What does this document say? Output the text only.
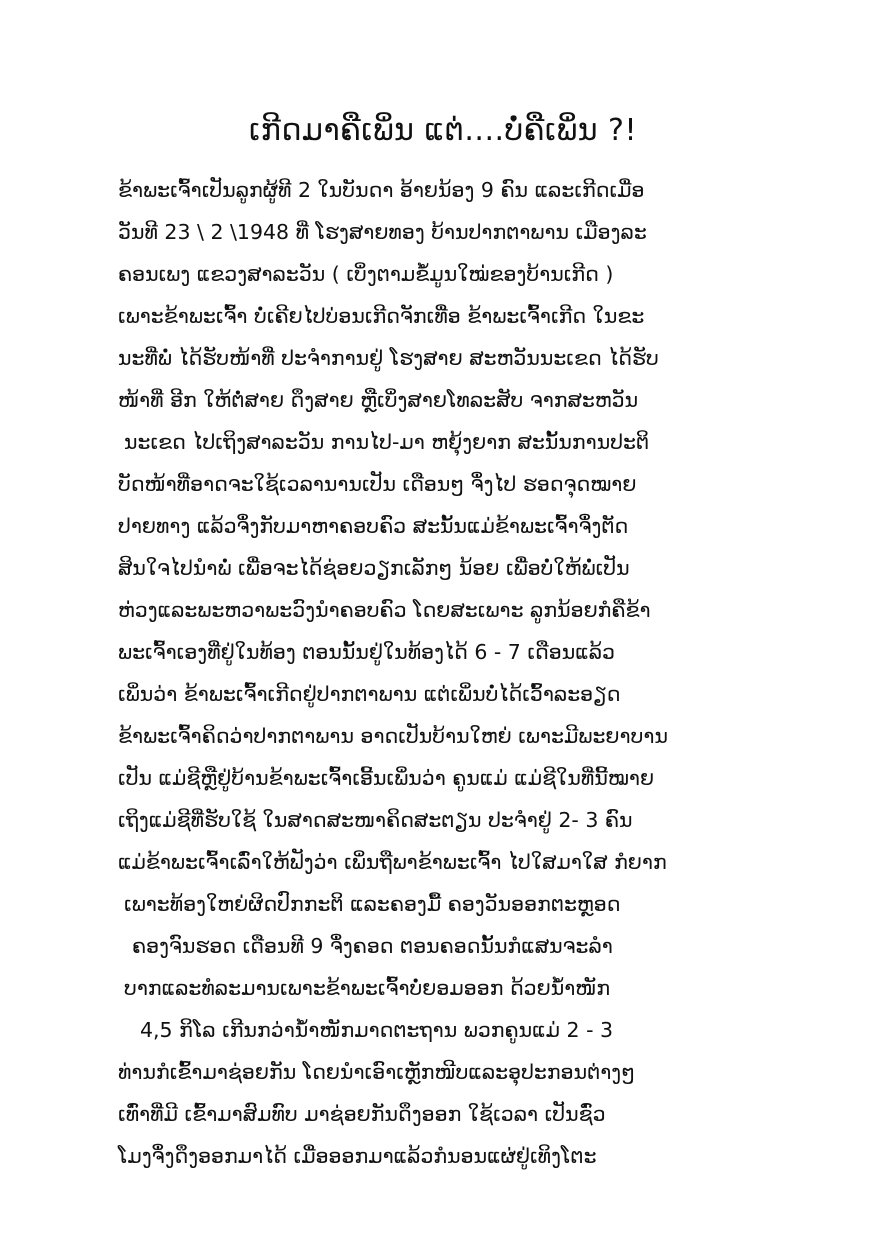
ເກີດມາຄືເພິ່ນ ແຕ່....ບໍ່ຄືເພິ່ນ ?!
ຂ້າພະເຈົ້າເປັນລູກຜູ້ທີ 2 ໃນບັນດາ ອ້າຍນ້ອງ 9 ຄົນ ແລະເກີດເມື່ອ
ວັນທີ 23 \ 2 \1948 ທີ່ ໂຮງສາຍທອງ ບ້ານປາກຕາພານ ເມືອງລະ
ຄອນເພງ ແຂວງສາລະວັນ ( ເບິ່ງຕາມຂໍ້ມູນໃໝ່ຂອງບ້ານເກີດ )
ເພາະຂ້າພະເຈົ້າ ບໍ່ເຄີຍໄປບ່ອນເກີດຈັກເທື່ອ ຂ້າພະເຈົ້າເກີດ ໃນຂະ
ນະທີ່ພໍ່ ໄດ້ຮັບໜ້າທີ່ ປະຈຳການຢູ່ ໂຮງສາຍ ສະຫວັນນະເຂດ ໄດ້ຮັບ
ໜ້າທີ່ ອີກ ໃຫ້ຕໍ່ສາຍ ດຶງສາຍ ຫຼືເບິ່ງສາຍໂທລະສັບ ຈາກສະຫວັນ
ນະເຂດ ໄປເຖິງສາລະວັນ ການໄປ-ມາ ຫຍຸ້ງຍາກ ສະນັ້ນການປະຕິ
ບັດໜ້າທີ່ອາດຈະໃຊ້ເວລານານເປັນ ເດືອນໆ ຈຶ່ງໄປ ຮອດຈຸດໝາຍ
ປາຍທາງ ແລ້ວຈຶ່ງກັບມາຫາຄອບຄົວ ສະນັ້ນແມ່ຂ້າພະເຈົ້າຈຶ່ງຕັດ
ສິນໃຈໄປນຳພໍ່ ເພື່ອຈະໄດ້ຊ່ອຍວຽກເລັກໆ ນ້ອຍ ເພື່ອບໍ່ໃຫ້ພໍ່ເປັນ
ຫ່ວງແລະພະຫວາພະວົງນຳຄອບຄົວ ໂດຍສະເພາະ ລູກນ້ອຍກໍຄືຂ້າ
ພະເຈົ້າເອງທີ່ຢູ່ໃນທ້ອງ ຕອນນັ້ນຢູ່ໃນທ້ອງໄດ້ 6 - 7 ເດືອນແລ້ວ
ເພິ່ນວ່າ ຂ້າພະເຈົ້າເກີດຢູ່ປາກຕາພານ ແຕ່ເພິ່ນບໍ່ໄດ້ເວົ້າລະອຽດ
ຂ້າພະເຈົ້າຄິດວ່າປາກຕາພານ ອາດເປັນບ້ານໃຫຍ່ ເພາະມີພະຍາບານ
ເປັນ ແມ່ຊີຫຼືຢູ່ບ້ານຂ້າພະເຈົ້າເອີ້ນເພິ່ນວ່າ ຄູນແມ່ ແມ່ຊີໃນທີ່ນີ້ໝາຍ
ເຖິງແມ່ຊີທີ່ຮັບໃຊ້ ໃນສາດສະໜາຄິດສະຕຽນ ປະຈຳຢູ່ 2- 3 ຄົນ
ແມ່ຂ້າພະເຈົ້າເລົ່າໃຫ້ຟັງວ່າ ເພິ່ນຖືພາຂ້າພະເຈົ້າ ໄປໃສມາໃສ ກໍຍາກ
ເພາະທ້ອງໃຫຍ່ຜິດປົກກະຕິ ແລະຄອງມື້ ຄອງວັນອອກຕະຫຼອດ
ຄອງຈົນຮອດ ເດືອນທີ 9 ຈຶ່ງຄອດ ຕອນຄອດນັ້ນກໍແສນຈະລຳ
ບາກແລະທໍລະມານເພາະຂ້າພະເຈົ້າບໍ່ຍອມອອກ ດ້ວຍນ້ຳໜັກ
4,5 ກິໂລ ເກີນກວ່ານ້ຳໜັກມາດຕະຖານ ພວກຄູນແມ່ 2 - 3
ທ່ານກໍເຂົ້າມາຊ່ອຍກັນ ໂດຍນຳເອົາເຫຼັກໜີບແລະອຸປະກອນຕ່າງໆ
ເທົ່າທີ່ມີ ເຂົ້າມາສົມທົບ ມາຊ່ອຍກັນດຶງອອກ ໃຊ້ເວລາ ເປັນຊົ່ວ
ໂມງຈຶ່ງດຶງອອກມາໄດ້ ເມື່ອອອກມາແລ້ວກໍນອນແຜ່ຢູ່ເທິງໂຕະ
